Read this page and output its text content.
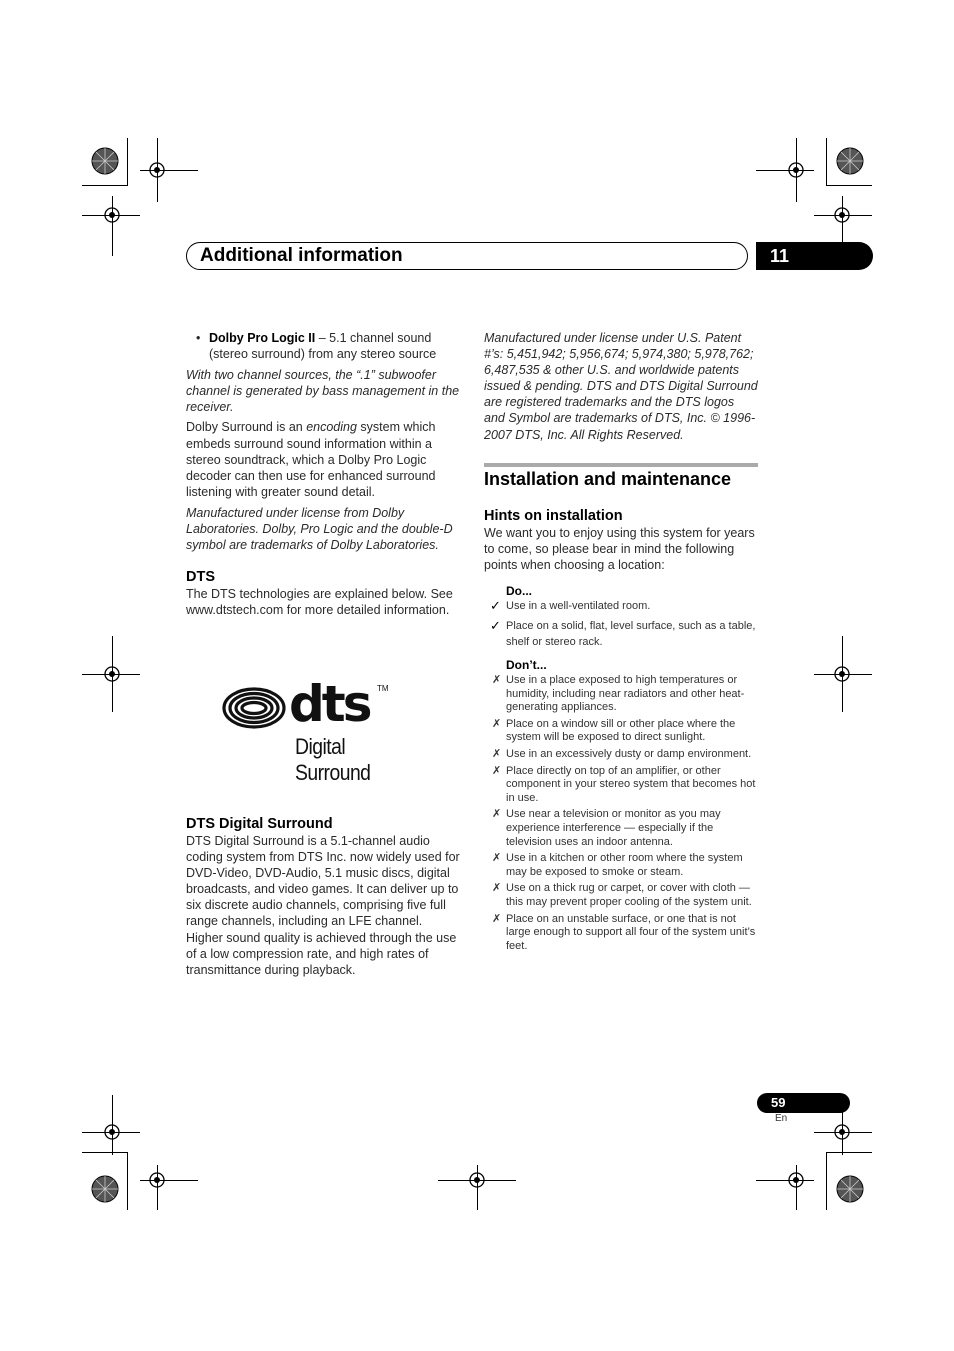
Additional information	11

• Dolby Pro Logic II – 5.1 channel sound (stereo surround) from any stereo source

With two channel sources, the “.1” subwoofer channel is generated by bass management in the receiver.

Dolby Surround is an encoding system which embeds surround sound information within a stereo soundtrack, which a Dolby Pro Logic decoder can then use for enhanced surround listening with greater sound detail.

Manufactured under license from Dolby Laboratories. Dolby, Pro Logic and the double-D symbol are trademarks of Dolby Laboratories.

DTS

The DTS technologies are explained below. See www.dtstech.com for more detailed information.

dts TM
Digital Surround

DTS Digital Surround

DTS Digital Surround is a 5.1-channel audio coding system from DTS Inc. now widely used for DVD-Video, DVD-Audio, 5.1 music discs, digital broadcasts, and video games. It can deliver up to six discrete audio channels, comprising five full range channels, including an LFE channel. Higher sound quality is achieved through the use of a low compression rate, and high rates of transmittance during playback.

Manufactured under license under U.S. Patent #’s: 5,451,942; 5,956,674; 5,974,380; 5,978,762; 6,487,535 & other U.S. and worldwide patents issued & pending. DTS and DTS Digital Surround are registered trademarks and the DTS logos and Symbol are trademarks of DTS, Inc. © 1996-2007 DTS, Inc. All Rights Reserved.

Installation and maintenance

Hints on installation

We want you to enjoy using this system for years to come, so please bear in mind the following points when choosing a location:

Do...
✓ Use in a well-ventilated room.
✓ Place on a solid, flat, level surface, such as a table, shelf or stereo rack.
Don’t...
✗ Use in a place exposed to high temperatures or humidity, including near radiators and other heat-generating appliances.
✗ Place on a window sill or other place where the system will be exposed to direct sunlight.
✗ Use in an excessively dusty or damp environment.
✗ Place directly on top of an amplifier, or other component in your stereo system that becomes hot in use.
✗ Use near a television or monitor as you may experience interference — especially if the television uses an indoor antenna.
✗ Use in a kitchen or other room where the system may be exposed to smoke or steam.
✗ Use on a thick rug or carpet, or cover with cloth — this may prevent proper cooling of the system unit.
✗ Place on an unstable surface, or one that is not large enough to support all four of the system unit’s feet.
59
En
